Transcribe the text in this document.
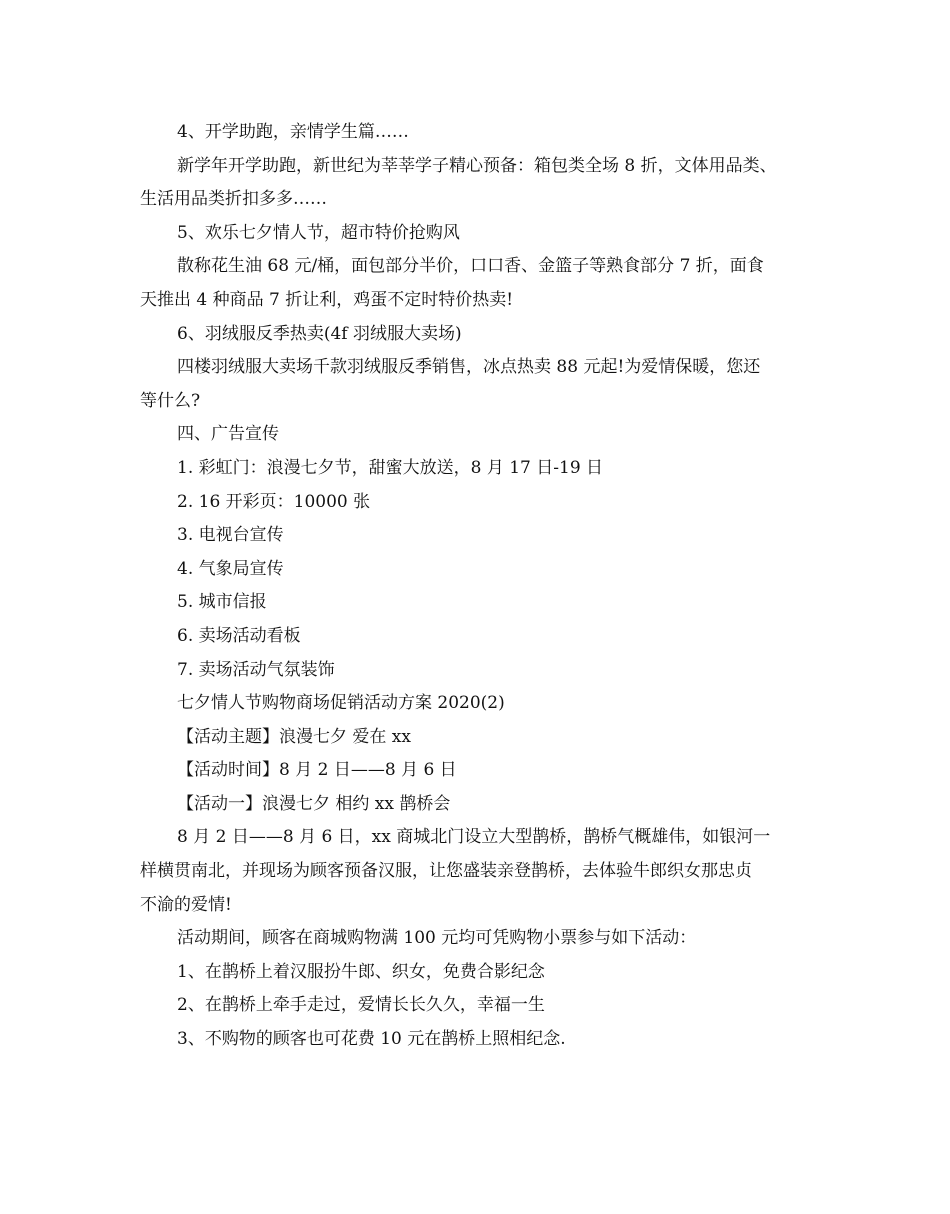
4、开学助跑，亲情学生篇……
新学年开学助跑，新世纪为莘莘学子精心预备：箱包类全场 8 折，文体用品类、
生活用品类折扣多多……
5、欢乐七夕情人节，超市特价抢购风
散称花生油 68 元/桶，面包部分半价，口口香、金篮子等熟食部分 7 折，面食
天推出 4 种商品 7 折让利，鸡蛋不定时特价热卖!
6、羽绒服反季热卖(4f 羽绒服大卖场)
四楼羽绒服大卖场千款羽绒服反季销售，冰点热卖 88 元起!为爱情保暖，您还
等什么?
四、广告宣传
1. 彩虹门：浪漫七夕节，甜蜜大放送，8 月 17 日-19 日
2. 16 开彩页：10000 张
3. 电视台宣传
4. 气象局宣传
5. 城市信报
6. 卖场活动看板
7. 卖场活动气氛装饰
七夕情人节购物商场促销活动方案 2020(2)
【活动主题】浪漫七夕 爱在 xx
【活动时间】8 月 2 日——8 月 6 日
【活动一】浪漫七夕 相约 xx 鹊桥会
8 月 2 日——8 月 6 日，xx 商城北门设立大型鹊桥，鹊桥气概雄伟，如银河一
样横贯南北，并现场为顾客预备汉服，让您盛装亲登鹊桥，去体验牛郎织女那忠贞
不渝的爱情!
活动期间，顾客在商城购物满 100 元均可凭购物小票参与如下活动：
1、在鹊桥上着汉服扮牛郎、织女，免费合影纪念
2、在鹊桥上牵手走过，爱情长长久久，幸福一生
3、不购物的顾客也可花费 10 元在鹊桥上照相纪念.
